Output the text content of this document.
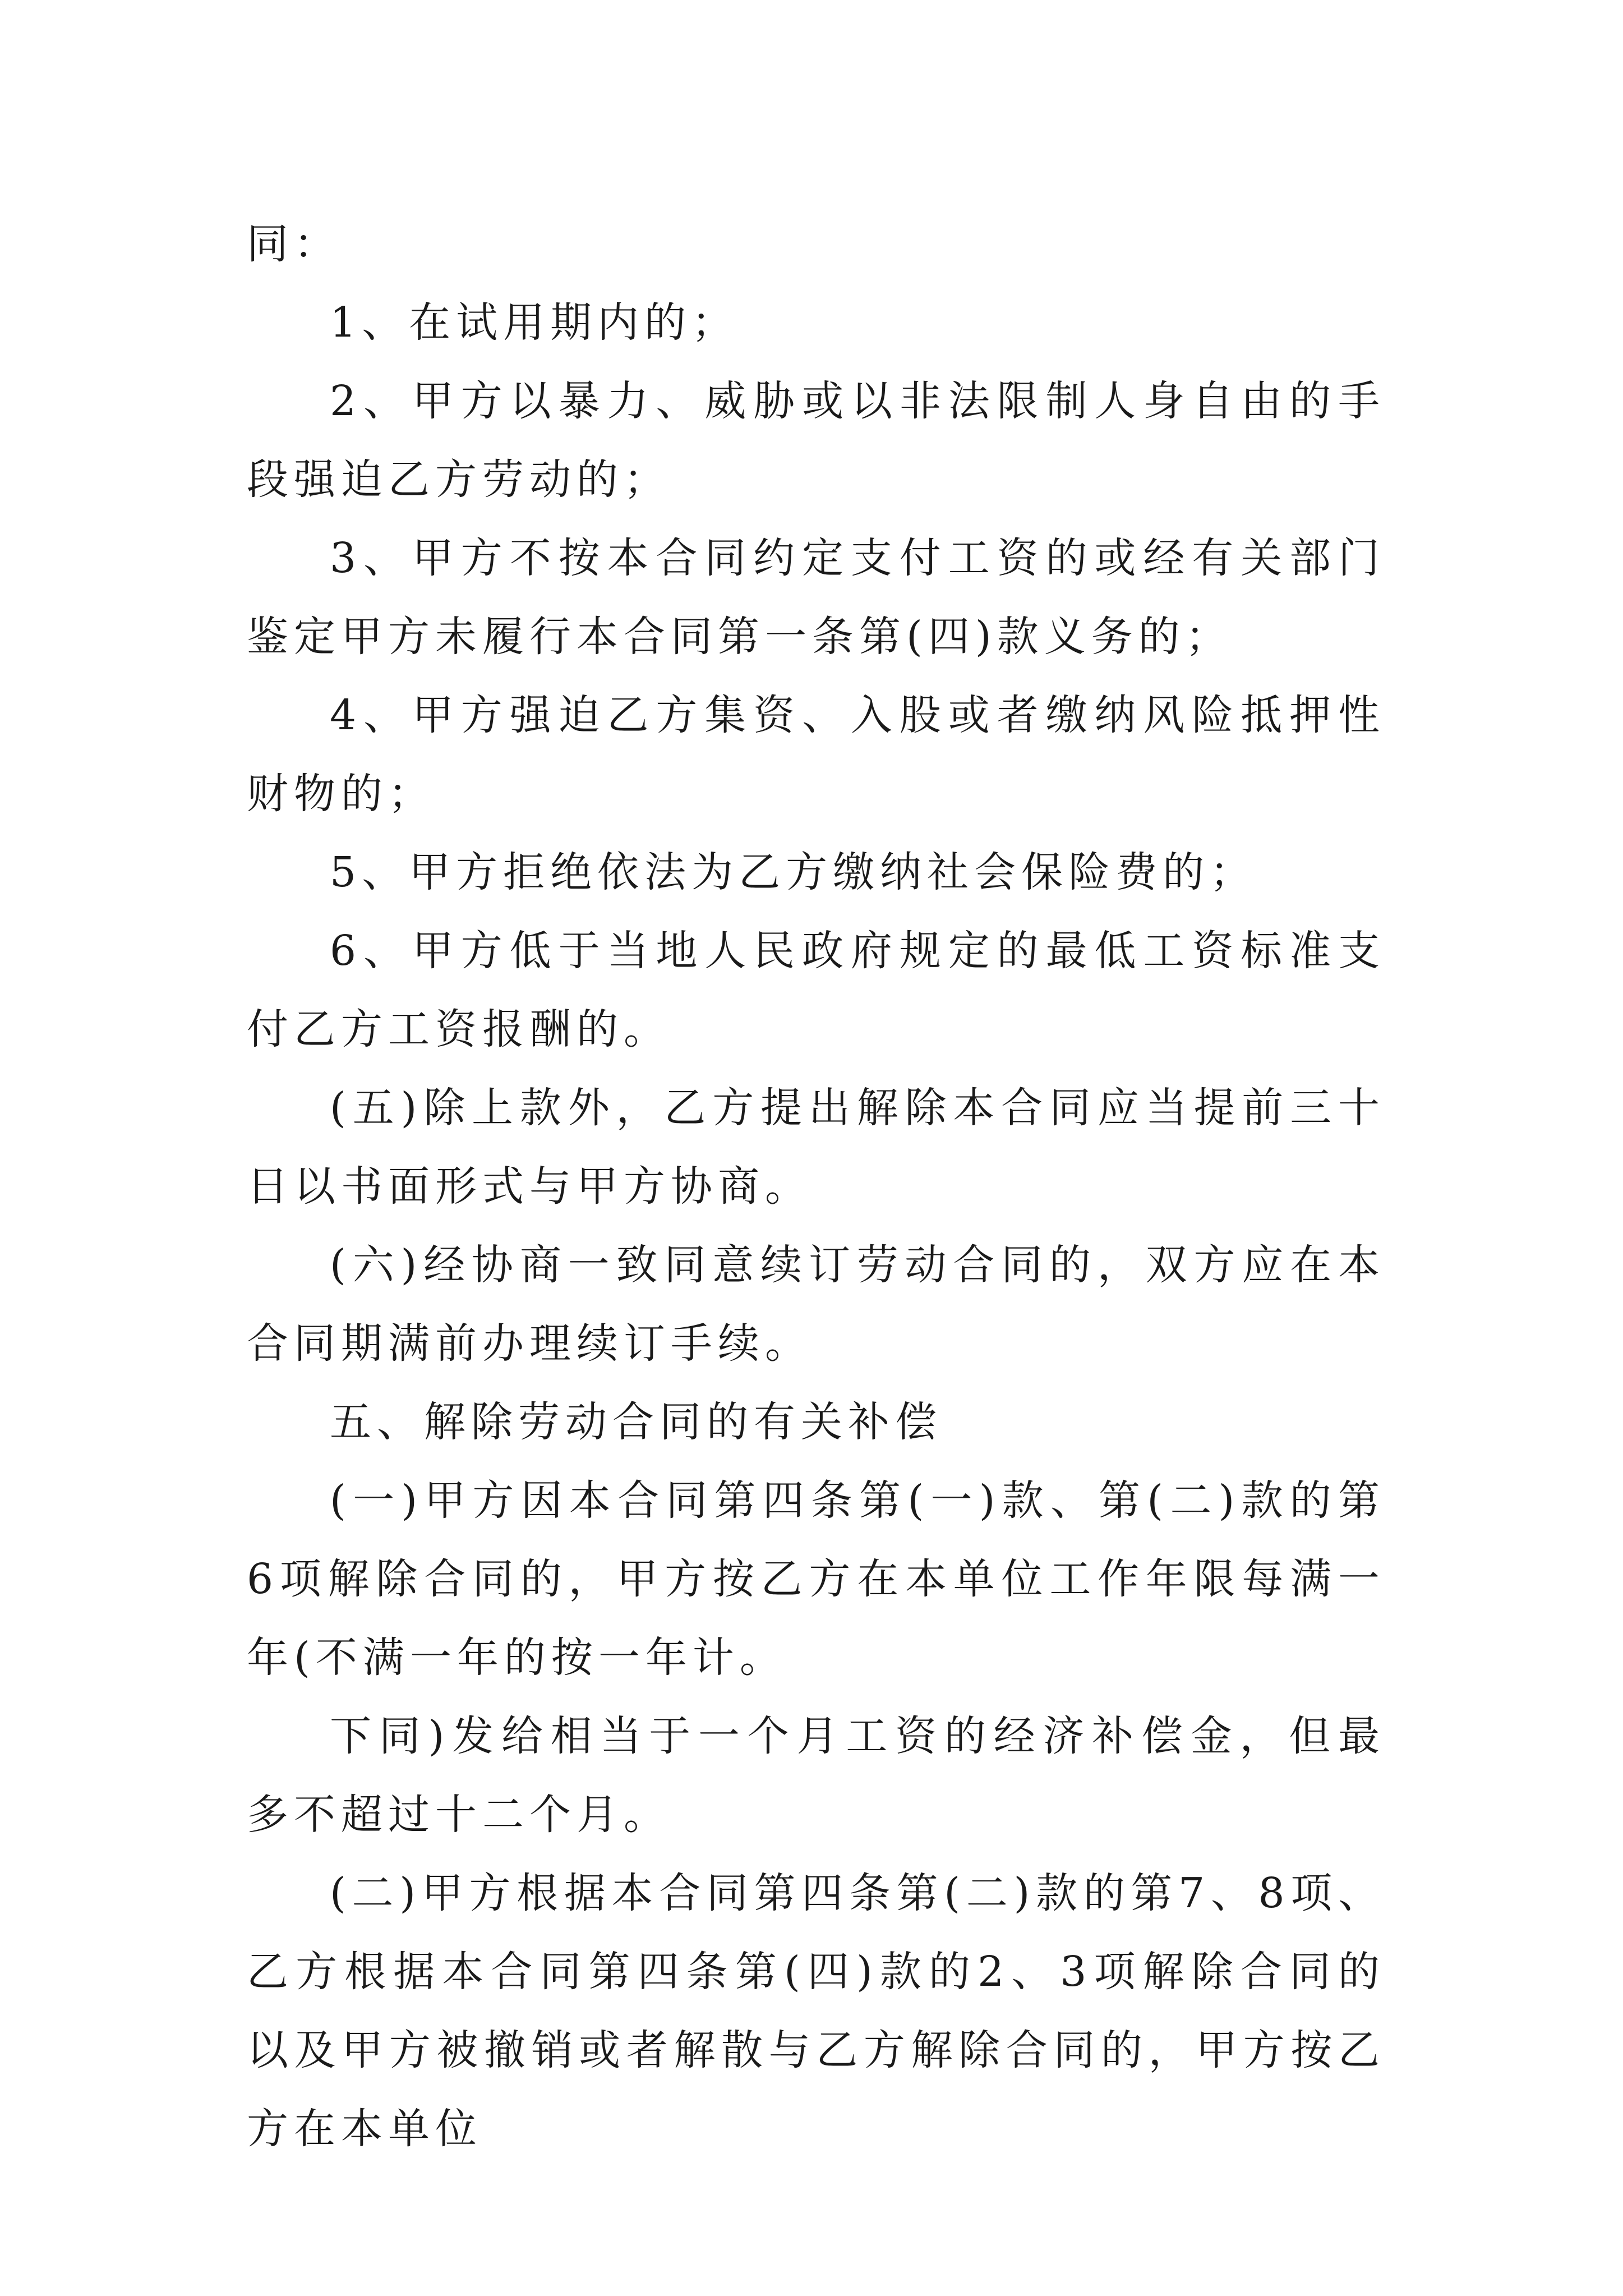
同：

1、在试用期内的；

2、甲方以暴力、威胁或以非法限制人身自由的手段强迫乙方劳动的；

3、甲方不按本合同约定支付工资的或经有关部门鉴定甲方未履行本合同第一条第(四)款义务的；

4、甲方强迫乙方集资、入股或者缴纳风险抵押性财物的；

5、甲方拒绝依法为乙方缴纳社会保险费的；

6、甲方低于当地人民政府规定的最低工资标准支付乙方工资报酬的。

(五)除上款外，乙方提出解除本合同应当提前三十日以书面形式与甲方协商。

(六)经协商一致同意续订劳动合同的，双方应在本合同期满前办理续订手续。

五、解除劳动合同的有关补偿

(一)甲方因本合同第四条第(一)款、第(二)款的第6项解除合同的，甲方按乙方在本单位工作年限每满一年(不满一年的按一年计。

下同)发给相当于一个月工资的经济补偿金，但最多不超过十二个月。

(二)甲方根据本合同第四条第(二)款的第7、8项、乙方根据本合同第四条第(四)款的2、3项解除合同的以及甲方被撤销或者解散与乙方解除合同的，甲方按乙方在本单位
